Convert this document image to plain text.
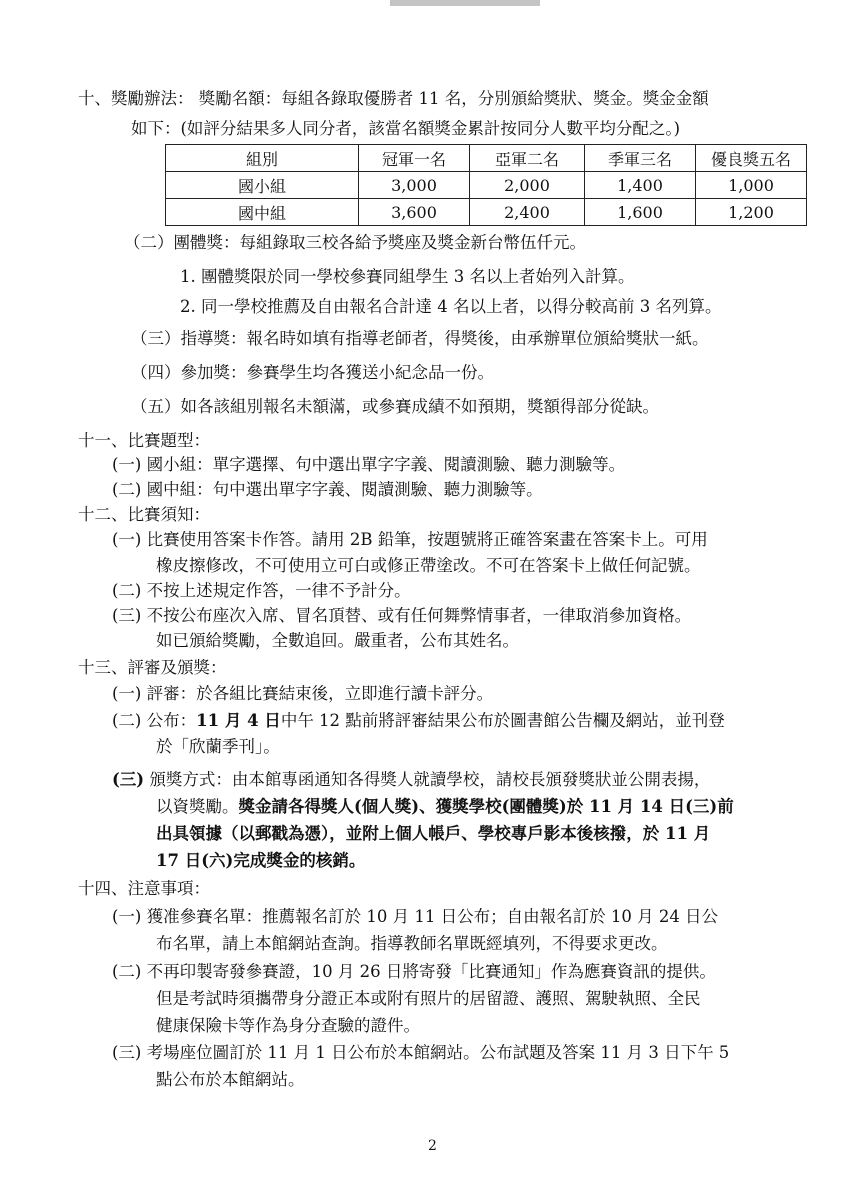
十、獎勵辦法： 獎勵名額：每組各錄取優勝者 11 名，分別頒給獎狀、獎金。獎金金額
如下：(如評分結果多人同分者，該當名額獎金累計按同分人數平均分配之。)
組別	冠軍一名	亞軍二名	季軍三名	優良獎五名
國小組	3,000	2,000	1,400	1,000
國中組	3,600	2,400	1,600	1,200
（二）團體獎：每組錄取三校各給予獎座及獎金新台幣伍仟元。
1. 團體獎限於同一學校參賽同組學生 3 名以上者始列入計算。
2. 同一學校推薦及自由報名合計達 4 名以上者，以得分較高前 3 名列算。
（三）指導獎：報名時如填有指導老師者，得獎後，由承辦單位頒給獎狀一紙。
（四）參加獎：參賽學生均各獲送小紀念品一份。
（五）如各該組別報名未額滿，或參賽成績不如預期，獎額得部分從缺。
十一、比賽題型：
(一) 國小組：單字選擇、句中選出單字字義、閱讀測驗、聽力測驗等。
(二) 國中組：句中選出單字字義、閱讀測驗、聽力測驗等。
十二、比賽須知：
(一) 比賽使用答案卡作答。請用 2B 鉛筆，按題號將正確答案畫在答案卡上。可用
橡皮擦修改，不可使用立可白或修正帶塗改。不可在答案卡上做任何記號。
(二) 不按上述規定作答，一律不予計分。
(三) 不按公布座次入席、冒名頂替、或有任何舞弊情事者，一律取消參加資格。
如已頒給獎勵，全數追回。嚴重者，公布其姓名。
十三、評審及頒獎：
(一) 評審：於各組比賽結束後，立即進行讀卡評分。
(二) 公布：11 月 4 日中午 12 點前將評審結果公布於圖書館公告欄及網站，並刊登
於「欣蘭季刊」。
(三) 頒獎方式：由本館專函通知各得獎人就讀學校，請校長頒發獎狀並公開表揚，
以資獎勵。獎金請各得獎人(個人獎)、獲獎學校(團體獎)於 11 月 14 日(三)前
出具領據（以郵戳為憑），並附上個人帳戶、學校專戶影本後核撥，於 11 月
17 日(六)完成獎金的核銷。
十四、注意事項：
(一) 獲准參賽名單：推薦報名訂於 10 月 11 日公布；自由報名訂於 10 月 24 日公
布名單，請上本館網站查詢。指導教師名單既經填列，不得要求更改。
(二) 不再印製寄發參賽證，10 月 26 日將寄發「比賽通知」作為應賽資訊的提供。
但是考試時須攜帶身分證正本或附有照片的居留證、護照、駕駛執照、全民
健康保險卡等作為身分查驗的證件。
(三) 考場座位圖訂於 11 月 1 日公布於本館網站。公布試題及答案 11 月 3 日下午 5
點公布於本館網站。
2
